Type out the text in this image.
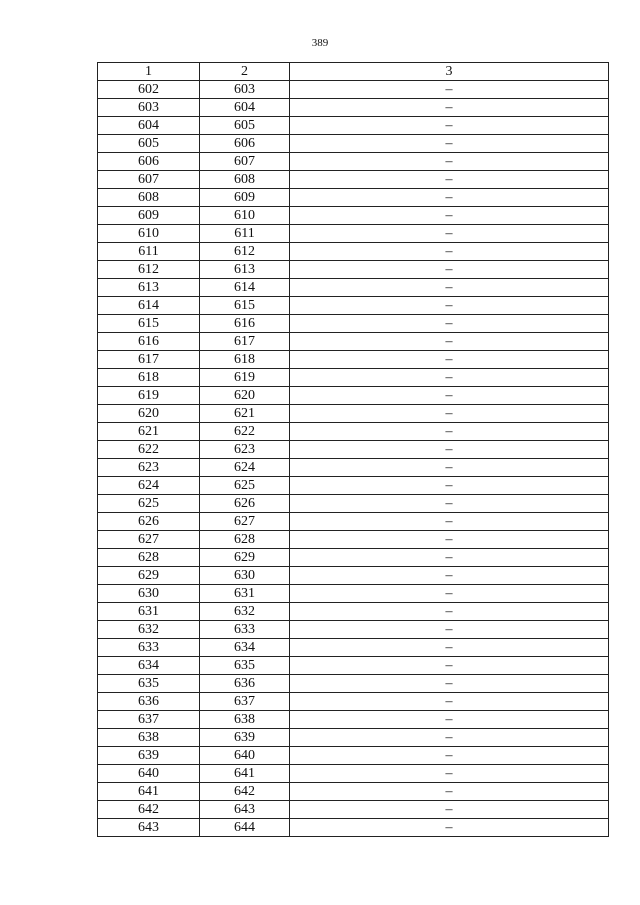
389
1	2	3
602	603	–
603	604	–
604	605	–
605	606	–
606	607	–
607	608	–
608	609	–
609	610	–
610	611	–
611	612	–
612	613	–
613	614	–
614	615	–
615	616	–
616	617	–
617	618	–
618	619	–
619	620	–
620	621	–
621	622	–
622	623	–
623	624	–
624	625	–
625	626	–
626	627	–
627	628	–
628	629	–
629	630	–
630	631	–
631	632	–
632	633	–
633	634	–
634	635	–
635	636	–
636	637	–
637	638	–
638	639	–
639	640	–
640	641	–
641	642	–
642	643	–
643	644	–
